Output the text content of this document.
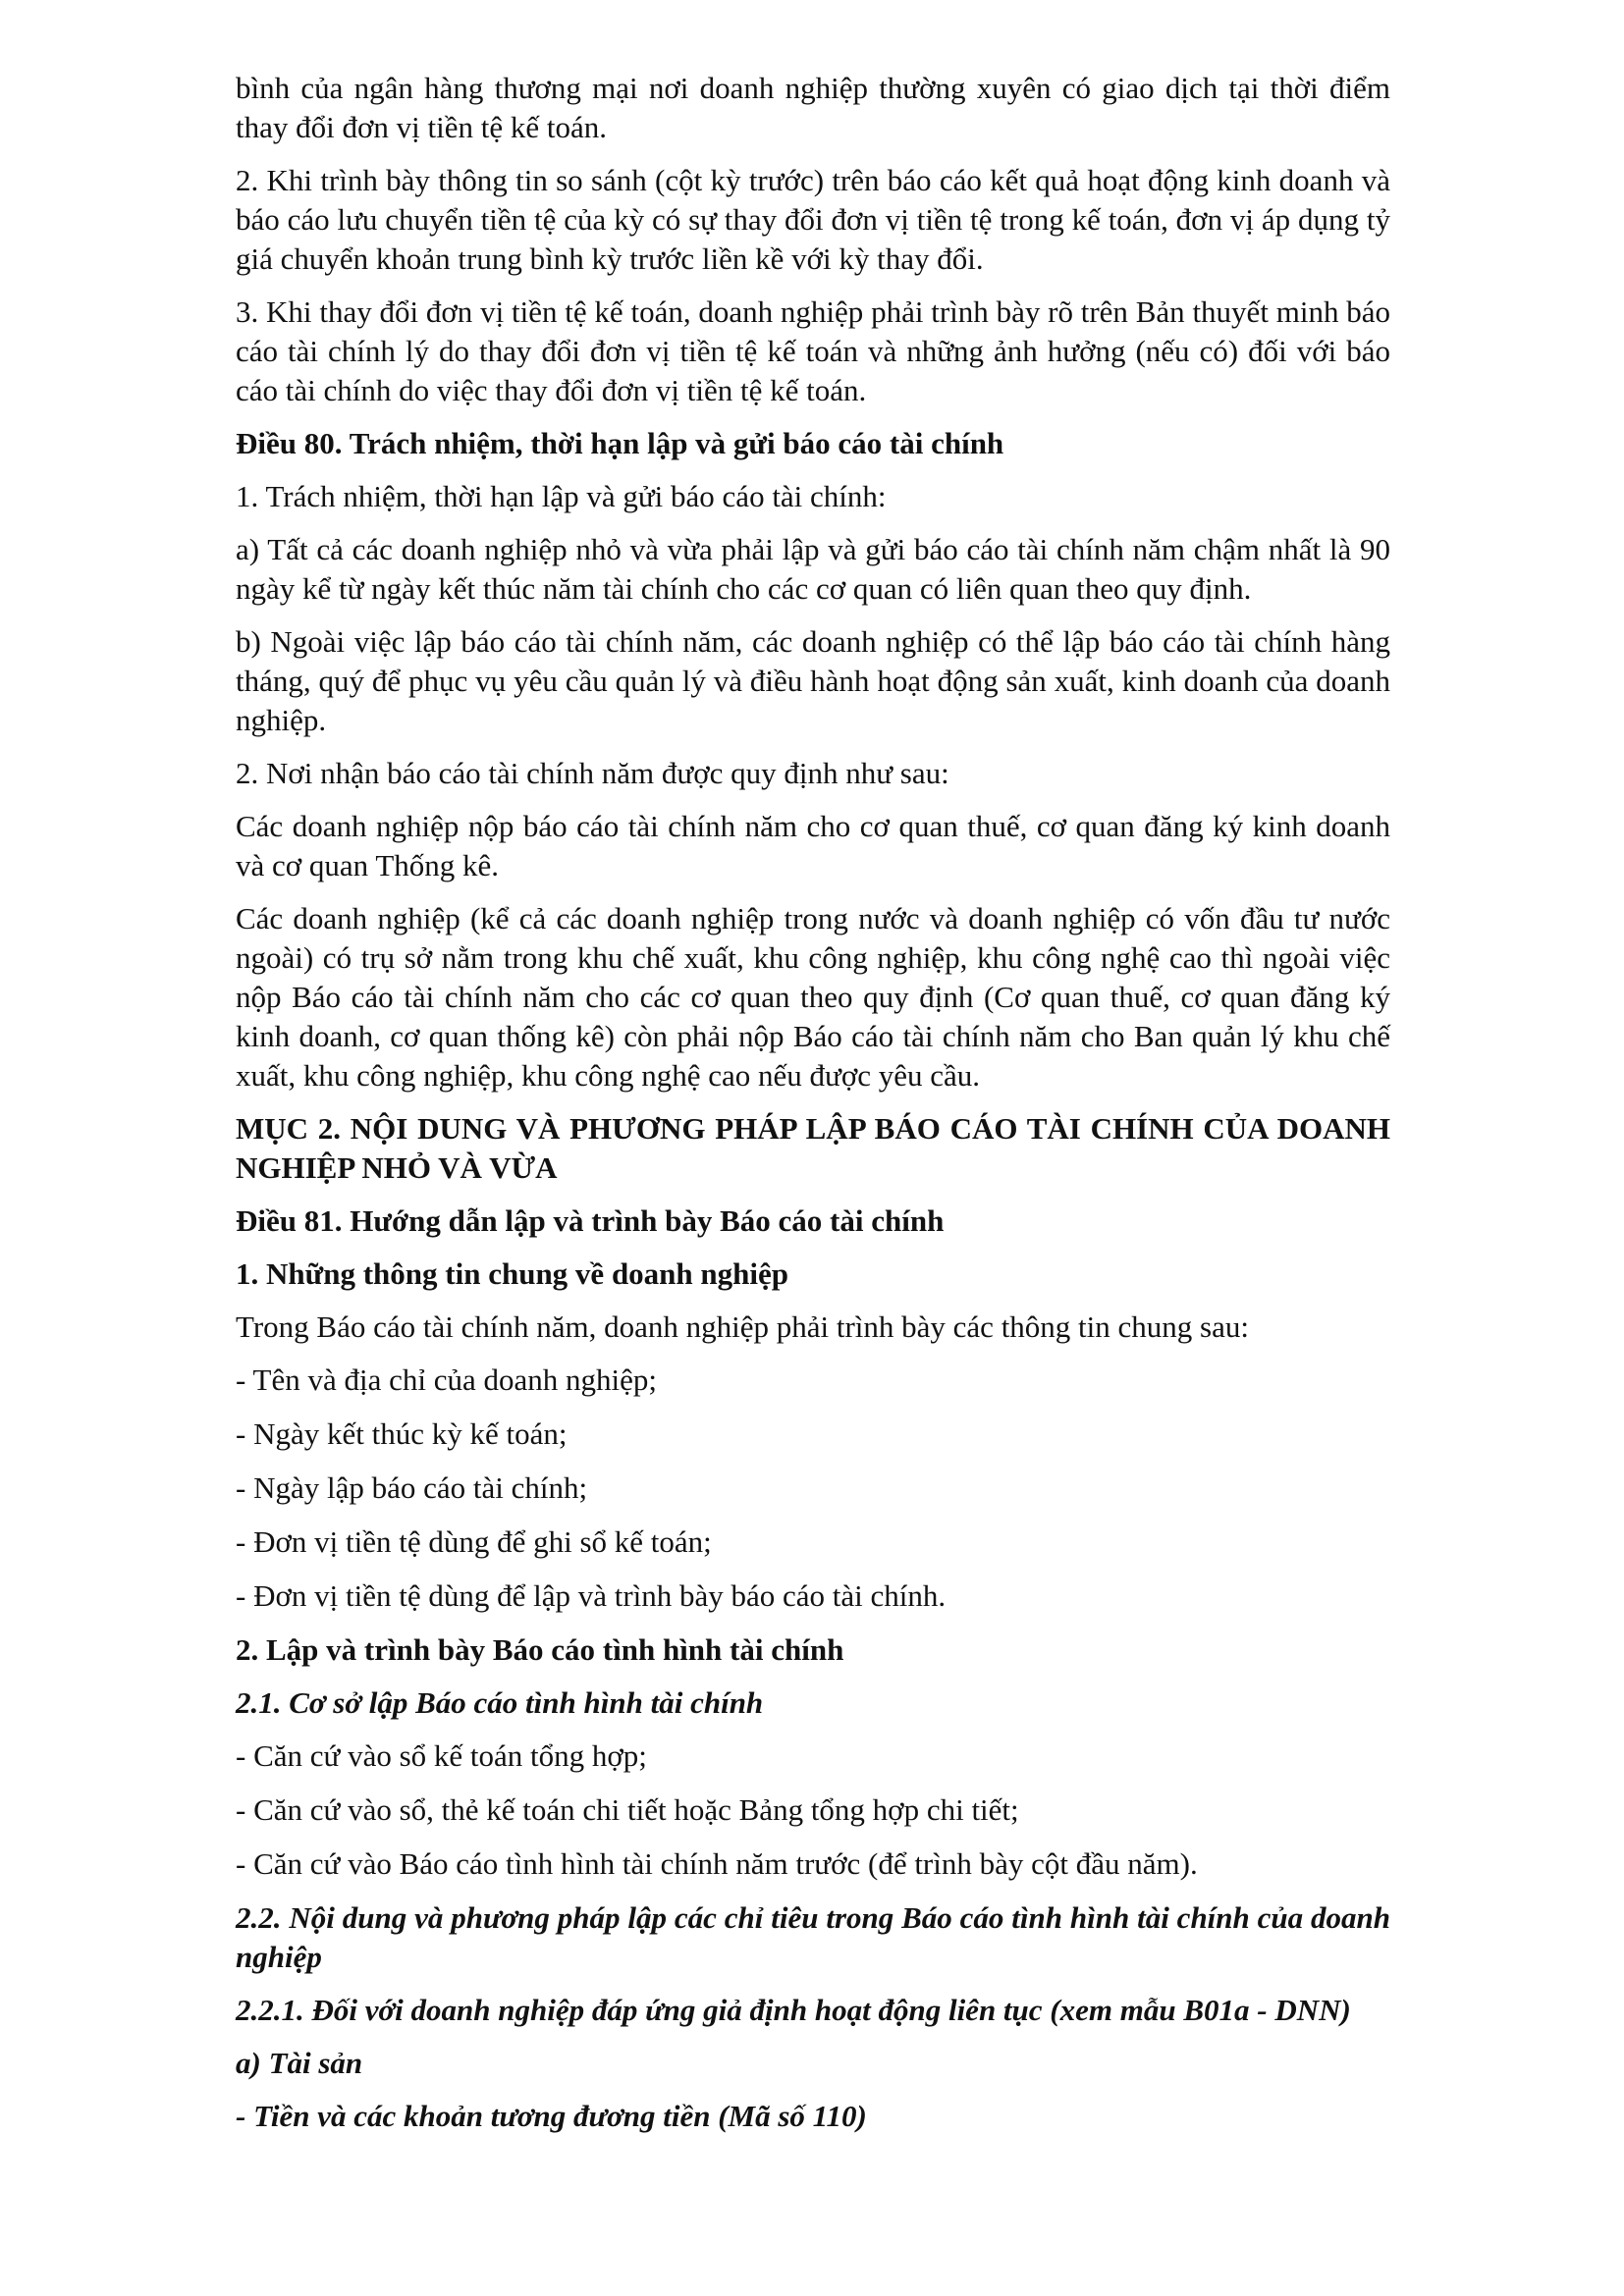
bình của ngân hàng thương mại nơi doanh nghiệp thường xuyên có giao dịch tại thời điểm thay đổi đơn vị tiền tệ kế toán.

2. Khi trình bày thông tin so sánh (cột kỳ trước) trên báo cáo kết quả hoạt động kinh doanh và báo cáo lưu chuyển tiền tệ của kỳ có sự thay đổi đơn vị tiền tệ trong kế toán, đơn vị áp dụng tỷ giá chuyển khoản trung bình kỳ trước liền kề với kỳ thay đổi.

3. Khi thay đổi đơn vị tiền tệ kế toán, doanh nghiệp phải trình bày rõ trên Bản thuyết minh báo cáo tài chính lý do thay đổi đơn vị tiền tệ kế toán và những ảnh hưởng (nếu có) đối với báo cáo tài chính do việc thay đổi đơn vị tiền tệ kế toán.

Điều 80. Trách nhiệm, thời hạn lập và gửi báo cáo tài chính

1. Trách nhiệm, thời hạn lập và gửi báo cáo tài chính:

a) Tất cả các doanh nghiệp nhỏ và vừa phải lập và gửi báo cáo tài chính năm chậm nhất là 90 ngày kể từ ngày kết thúc năm tài chính cho các cơ quan có liên quan theo quy định.

b) Ngoài việc lập báo cáo tài chính năm, các doanh nghiệp có thể lập báo cáo tài chính hàng tháng, quý để phục vụ yêu cầu quản lý và điều hành hoạt động sản xuất, kinh doanh của doanh nghiệp.

2. Nơi nhận báo cáo tài chính năm được quy định như sau:

Các doanh nghiệp nộp báo cáo tài chính năm cho cơ quan thuế, cơ quan đăng ký kinh doanh và cơ quan Thống kê.

Các doanh nghiệp (kể cả các doanh nghiệp trong nước và doanh nghiệp có vốn đầu tư nước ngoài) có trụ sở nằm trong khu chế xuất, khu công nghiệp, khu công nghệ cao thì ngoài việc nộp Báo cáo tài chính năm cho các cơ quan theo quy định (Cơ quan thuế, cơ quan đăng ký kinh doanh, cơ quan thống kê) còn phải nộp Báo cáo tài chính năm cho Ban quản lý khu chế xuất, khu công nghiệp, khu công nghệ cao nếu được yêu cầu.

MỤC 2. NỘI DUNG VÀ PHƯƠNG PHÁP LẬP BÁO CÁO TÀI CHÍNH CỦA DOANH NGHIỆP NHỎ VÀ VỪA

Điều 81. Hướng dẫn lập và trình bày Báo cáo tài chính

1. Những thông tin chung về doanh nghiệp

Trong Báo cáo tài chính năm, doanh nghiệp phải trình bày các thông tin chung sau:

- Tên và địa chỉ của doanh nghiệp;

- Ngày kết thúc kỳ kế toán;

- Ngày lập báo cáo tài chính;

- Đơn vị tiền tệ dùng để ghi sổ kế toán;

- Đơn vị tiền tệ dùng để lập và trình bày báo cáo tài chính.

2. Lập và trình bày Báo cáo tình hình tài chính

2.1. Cơ sở lập Báo cáo tình hình tài chính

- Căn cứ vào sổ kế toán tổng hợp;

- Căn cứ vào sổ, thẻ kế toán chi tiết hoặc Bảng tổng hợp chi tiết;

- Căn cứ vào Báo cáo tình hình tài chính năm trước (để trình bày cột đầu năm).

2.2. Nội dung và phương pháp lập các chỉ tiêu trong Báo cáo tình hình tài chính của doanh nghiệp

2.2.1. Đối với doanh nghiệp đáp ứng giả định hoạt động liên tục (xem mẫu B01a - DNN)

a) Tài sản

- Tiền và các khoản tương đương tiền (Mã số 110)
